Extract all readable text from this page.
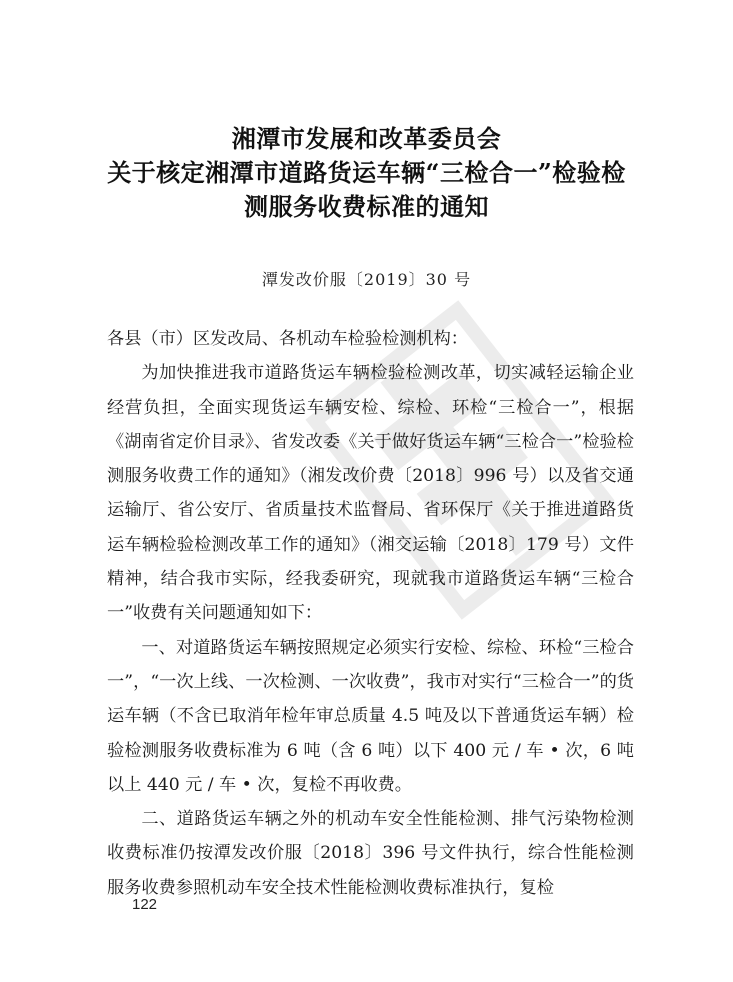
湘潭市发展和改革委员会
关于核定湘潭市道路货运车辆“三检合一”检验检
测服务收费标准的通知
潭发改价服〔2019〕30 号

各县（市）区发改局、各机动车检验检测机构：

为加快推进我市道路货运车辆检验检测改革，切实减轻运输企业经营负担，全面实现货运车辆安检、综检、环检“三检合一”，根据《湖南省定价目录》、省发改委《关于做好货运车辆“三检合一”检验检测服务收费工作的通知》（湘发改价费〔2018〕996 号）以及省交通运输厅、省公安厅、省质量技术监督局、省环保厅《关于推进道路货运车辆检验检测改革工作的通知》（湘交运输〔2018〕179 号）文件精神，结合我市实际，经我委研究，现就我市道路货运车辆“三检合一”收费有关问题通知如下：

一、对道路货运车辆按照规定必须实行安检、综检、环检“三检合一”，“一次上线、一次检测、一次收费”，我市对实行“三检合一”的货运车辆（不含已取消年检年审总质量 4.5 吨及以下普通货运车辆）检验检测服务收费标准为 6 吨（含 6 吨）以下 400 元 / 车 • 次，6 吨以上 440 元 / 车 • 次，复检不再收费。

二、道路货运车辆之外的机动车安全性能检测、排气污染物检测收费标准仍按潭发改价服〔2018〕396 号文件执行，综合性能检测服务收费参照机动车安全技术性能检测收费标准执行，复检

122
